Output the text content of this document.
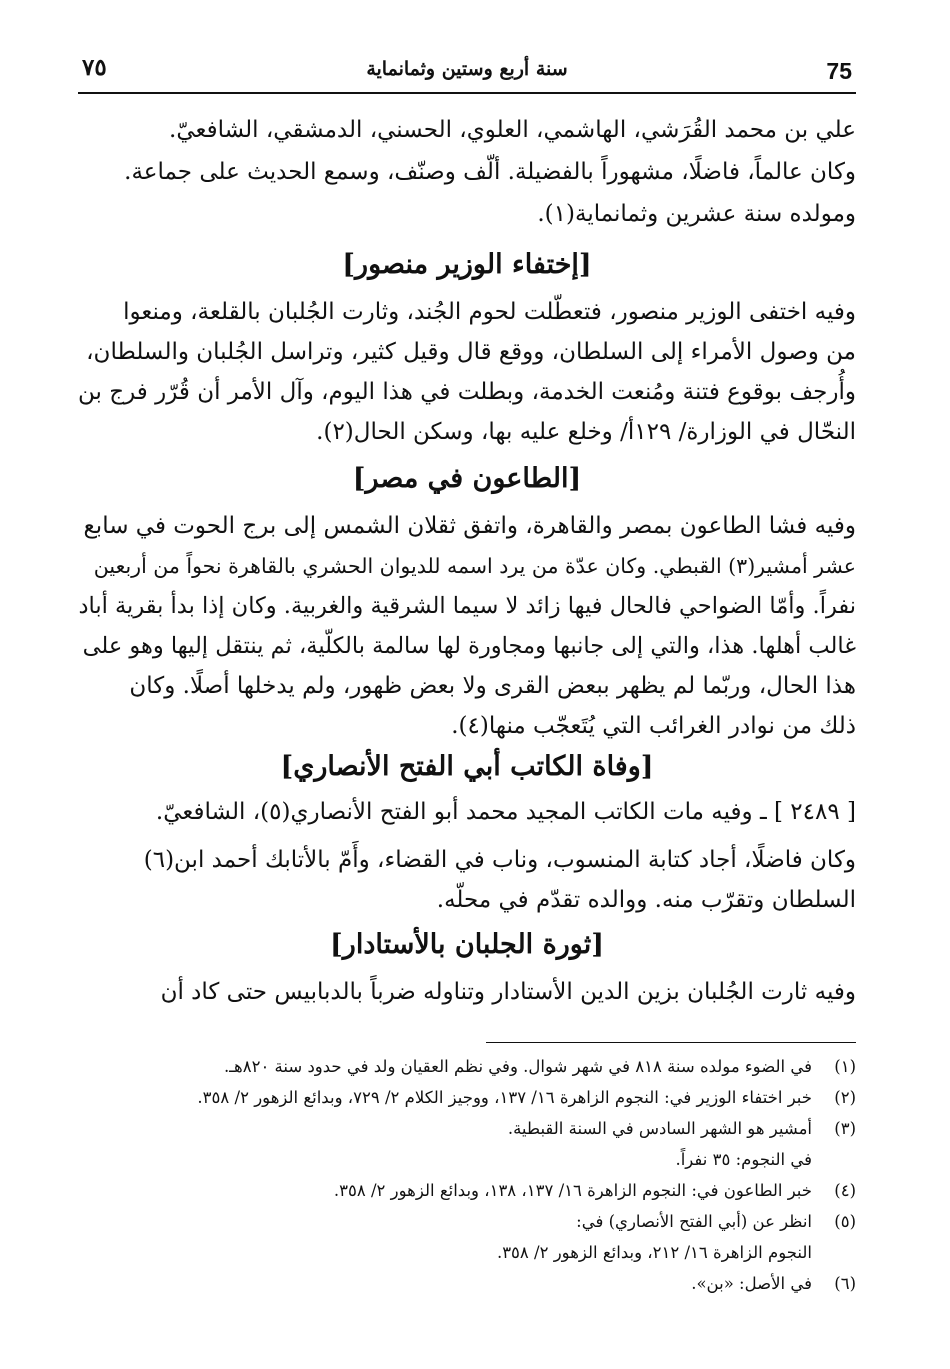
75
سنة أربع وستين وثمانماية
٧٥
علي بن محمد القُرَشي، الهاشمي، العلوي، الحسني، الدمشقي، الشافعيّ.
وكان عالماً، فاضلًا، مشهوراً بالفضيلة. ألّف وصنّف، وسمع الحديث على جماعة.
ومولده سنة عشرين وثمانماية(١).
[إختفاء الوزير منصور]
وفيه اختفى الوزير منصور، فتعطّلت لحوم الجُند، وثارت الجُلبان بالقلعة، ومنعوا
من وصول الأمراء إلى السلطان، ووقع قال وقيل كثير، وتراسل الجُلبان والسلطان،
وأُرجف بوقوع فتنة ومُنعت الخدمة، وبطلت في هذا اليوم، وآل الأمر أن قُرّر فرج بن
النحّال في الوزارة/ ١٢٩أ/ وخلع عليه بها، وسكن الحال(٢).
[الطاعون في مصر]
وفيه فشا الطاعون بمصر والقاهرة، واتفق ثقلان الشمس إلى برج الحوت في سابع
عشر أمشير(٣) القبطي. وكان عدّة من يرد اسمه للديوان الحشري بالقاهرة نحواً من أربعين
نفراً. وأمّا الضواحي فالحال فيها زائد لا سيما الشرقية والغربية. وكان إذا بدأ بقرية أباد
غالب أهلها. هذا، والتي إلى جانبها ومجاورة لها سالمة بالكلّية، ثم ينتقل إليها وهو على
هذا الحال، وربّما لم يظهر ببعض القرى ولا بعض ظهور، ولم يدخلها أصلًا. وكان
ذلك من نوادر الغرائب التي يُتَعجّب منها(٤).
[وفاة الكاتب أبي الفتح الأنصاري]
[ ٢٤٨٩ ] ـ وفيه مات الكاتب المجيد محمد أبو الفتح الأنصاري(٥)، الشافعيّ.
وكان فاضلًا، أجاد كتابة المنسوب، وناب في القضاء، وأَمّ بالأتابك أحمد ابن(٦)
السلطان وتقرّب منه. ووالده تقدّم في محلّه.
[ثورة الجلبان بالأستادار]
وفيه ثارت الجُلبان بزين الدين الأستادار وتناوله ضرباً بالدبابيس حتى كاد أن
(١)في الضوء مولده سنة ٨١٨ في شهر شوال. وفي نظم العقيان ولد في حدود سنة ٨٢٠هـ.
(٢)خبر اختفاء الوزير في: النجوم الزاهرة ١٦/ ١٣٧، ووجيز الكلام ٢/ ٧٢٩، وبدائع الزهور ٢/ ٣٥٨.
(٣)أمشير هو الشهر السادس في السنة القبطية.
في النجوم: ٣٥ نفراً.
(٤)خبر الطاعون في: النجوم الزاهرة ١٦/ ١٣٧، ١٣٨، وبدائع الزهور ٢/ ٣٥٨.
(٥)انظر عن (أبي الفتح الأنصاري) في:
النجوم الزاهرة ١٦/ ٢١٢، وبدائع الزهور ٢/ ٣٥٨.
(٦)في الأصل: «بن».
